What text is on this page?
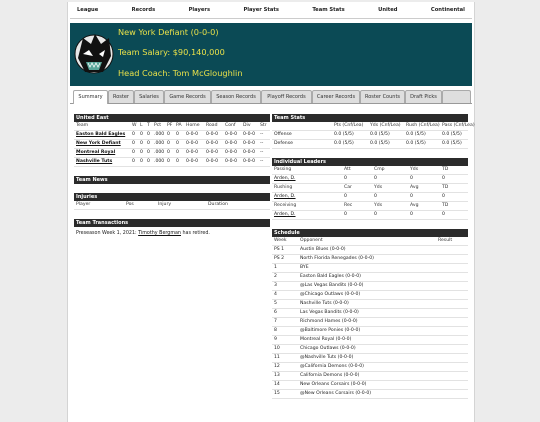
League	Records	Players	Player Stats	Team Stats	United	Continental
New York Defiant (0-0-0)
Team Salary: $90,140,000
Head Coach: Tom McGloughlin
Summary	Roster	Salaries	Game Records	Season Records	Playoff Records	Career Records	Roster Counts	Draft Picks
United East
Team	W L T Pct PF PA Home Road Conf Div Str
Easton Bald Eagles 0 0 0 .000 0 0 0-0-0 0-0-0 0-0-0 0-0-0 --
New York Defiant 0 0 0 .000 0 0 0-0-0 0-0-0 0-0-0 0-0-0 --
Montreal Royal	0 0 0 .000 0 0 0-0-0 0-0-0 0-0-0 0-0-0 --
Nashville Tuts	0 0 0 .000 0 0 0-0-0 0-0-0 0-0-0 0-0-0 --
Team News
Injuries
Player	Pos	Injury	Duration
Team Transactions
Preseason Week 1, 2021: Timothy Bergman has retired.
Team Stats
Pts (Cnf/Lea) Yds (Cnf/Lea) Rush (Cnf/Lea) Pass (Cnf/Lea)
Offense	0.0 (5/5)	0.0 (5/5)	0.0 (5/5)	0.0 (5/5)
Defense	0.0 (5/5)	0.0 (5/5)	0.0 (5/5)	0.0 (5/5)
Individual Leaders
Passing	Att	Cmp	Yds	TD
Arden, D.	0	0	0	0
Rushing	Car	Yds	Avg	TD
Arden, D.	0	0	0	0
Receiving	Rec	Yds	Avg	TD
Arden, D.	0	0	0	0
Schedule
Week	Opponent	Result
PS 1	Austin Blues (0-0-0)
PS 2	North Florida Renegades (0-0-0)
1	BYE
2	Easton Bald Eagles (0-0-0)
3	@Las Vegas Bandits (0-0-0)
4	@Chicago Outlaws (0-0-0)
5	Nashville Tuts (0-0-0)
6	Las Vegas Bandits (0-0-0)
7	Richmond Hames (0-0-0)
8	@Baltimore Ponies (0-0-0)
9	Montreal Royal (0-0-0)
10	Chicago Outlaws (0-0-0)
11	@Nashville Tuts (0-0-0)
12	@California Demons (0-0-0)
13	California Demons (0-0-0)
14	New Orleans Corsairs (0-0-0)
15	@New Orleans Corsairs (0-0-0)
